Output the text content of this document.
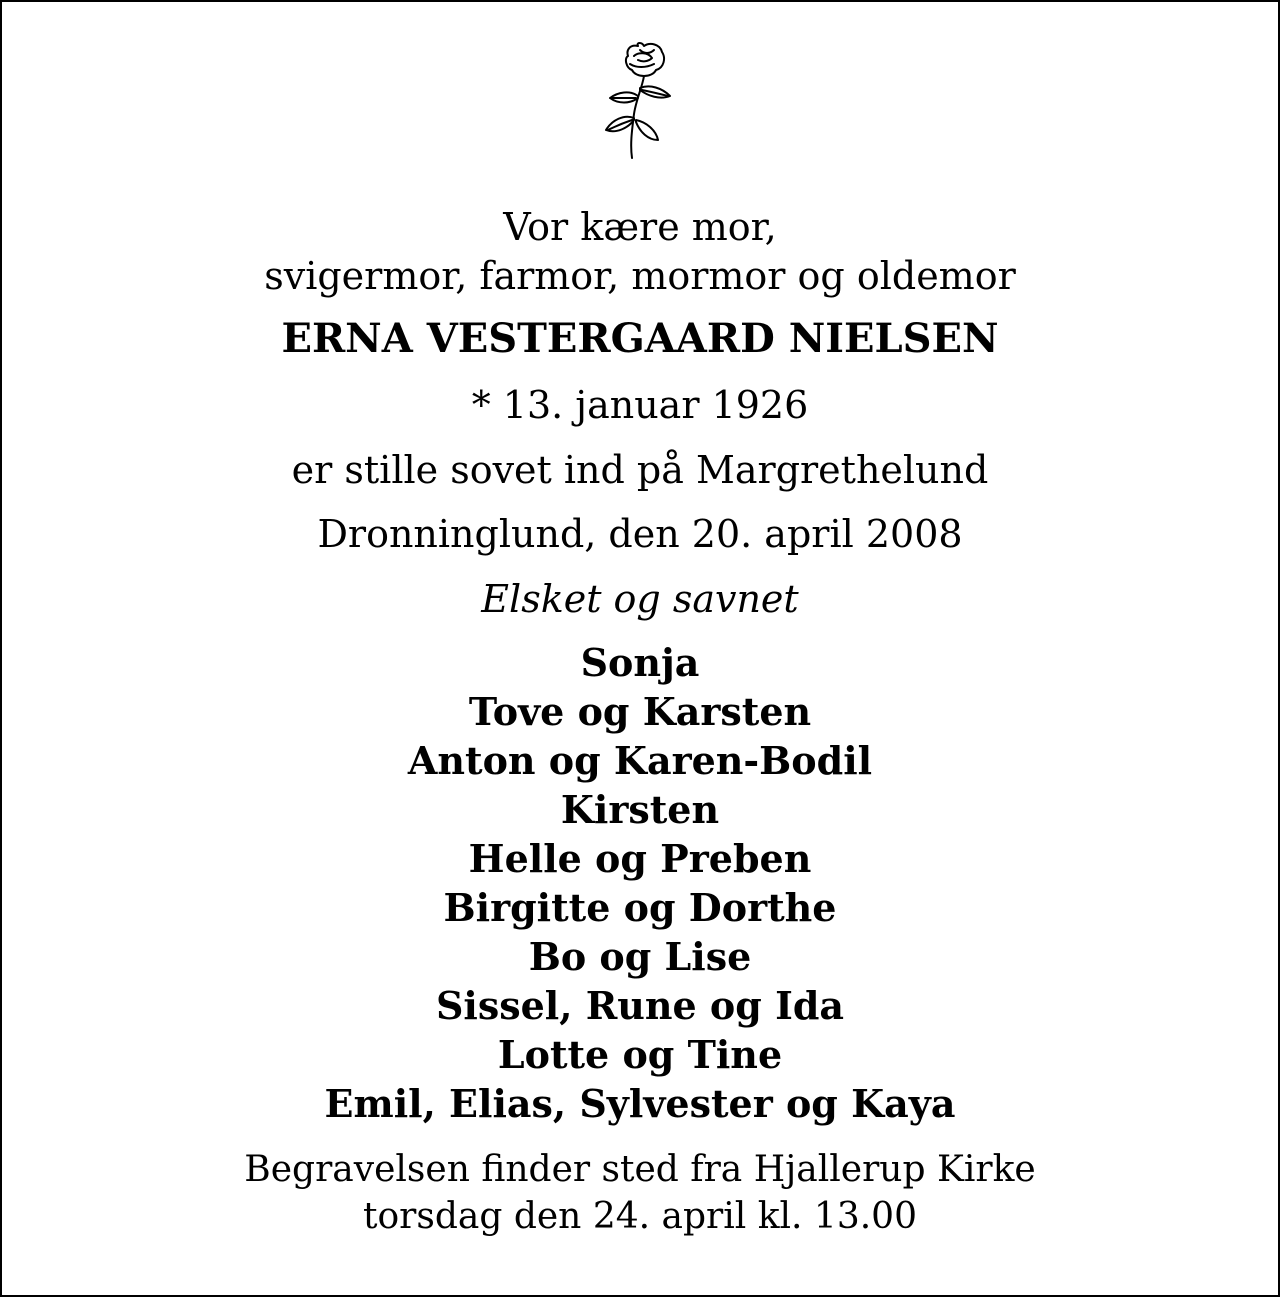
Vor kære mor,
svigermor, farmor, mormor og oldemor
ERNA VESTERGAARD NIELSEN
* 13. januar 1926
er stille sovet ind på Margrethelund
Dronninglund, den 20. april 2008
Elsket og savnet
Sonja
Tove og Karsten
Anton og Karen-Bodil
Kirsten
Helle og Preben
Birgitte og Dorthe
Bo og Lise
Sissel, Rune og Ida
Lotte og Tine
Emil, Elias, Sylvester og Kaya
Begravelsen finder sted fra Hjallerup Kirke
torsdag den 24. april kl. 13.00
